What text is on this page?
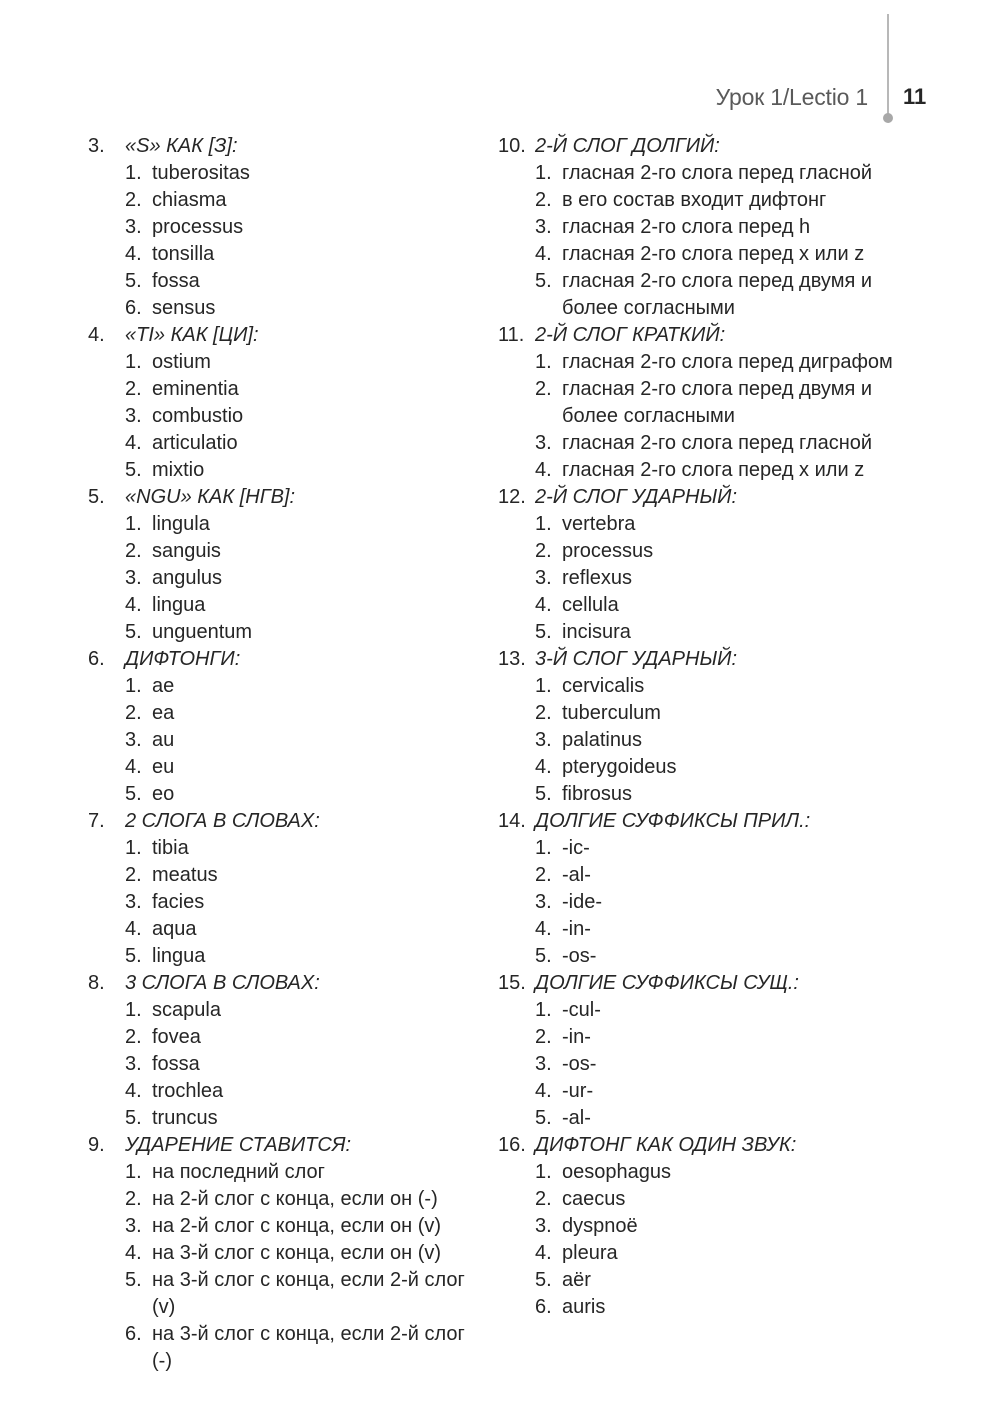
Урок 1/Lectio 1 11
3.	«S» КАК [З]:
1. tuberositas
2. chiasma
3. processus
4. tonsilla
5. fossa
6. sensus
4.	«TI» КАК [ЦИ]:
1. ostium
2. eminentia
3. combustio
4. articulatio
5. mixtio
5.	«NGU» КАК [НГВ]:
1. lingula
2. sanguis
3. angulus
4. lingua
5. unguentum
6.	ДИФТОНГИ:
1. ae
2. ea
3. au
4. eu
5. eo
7.	2 СЛОГА В СЛОВАХ:
1. tibia
2. meatus
3. facies
4. aqua
5. lingua
8.	3 СЛОГА В СЛОВАХ:
1. scapula
2. fovea
3. fossa
4. trochlea
5. truncus
9.	УДАРЕНИЕ СТАВИТСЯ:
1. на последний слог
2. на 2-й слог с конца, если он (-)
3. на 2-й слог с конца, если он (v)
4. на 3-й слог с конца, если он (v)
5. на 3-й слог с конца, если 2-й слог (v)
6. на 3-й слог с конца, если 2-й слог (-)
10. 2-Й СЛОГ ДОЛГИЙ:
1. гласная 2-го слога перед гласной
2. в его состав входит дифтонг
3. гласная 2-го слога перед h
4. гласная 2-го слога перед x или z
5. гласная 2-го слога перед двумя и более согласными
11. 2-Й СЛОГ КРАТКИЙ:
1. гласная 2-го слога перед диграфом
2. гласная 2-го слога перед двумя и более согласными
3. гласная 2-го слога перед гласной
4. гласная 2-го слога перед x или z
12. 2-Й СЛОГ УДАРНЫЙ:
1. vertebra
2. processus
3. reflexus
4. cellula
5. incisura
13. 3-Й СЛОГ УДАРНЫЙ:
1. cervicalis
2. tuberculum
3. palatinus
4. pterygoideus
5. fibrosus
14. ДОЛГИЕ СУФФИКСЫ ПРИЛ.:
1. -ic-
2. -al-
3. -ide-
4. -in-
5. -os-
15. ДОЛГИЕ СУФФИКСЫ СУЩ.:
1. -cul-
2. -in-
3. -os-
4. -ur-
5. -al-
16. ДИФТОНГ КАК ОДИН ЗВУК:
1. oesophagus
2. caecus
3. dyspnoë
4. pleura
5. aër
6. auris
